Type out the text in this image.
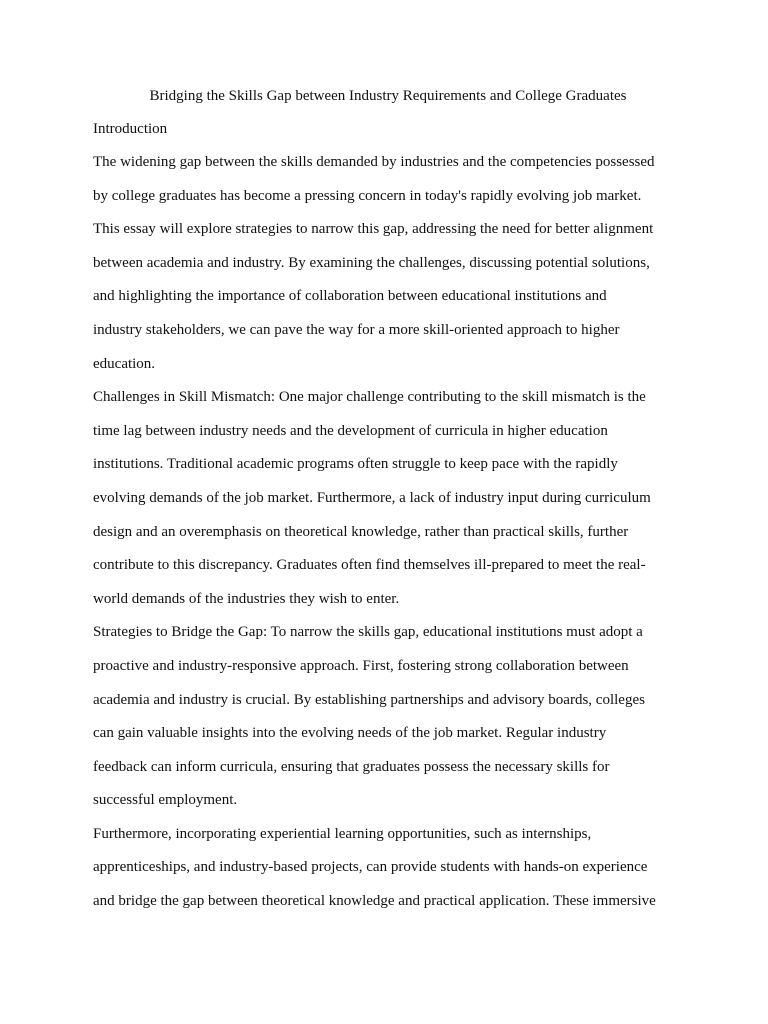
Bridging the Skills Gap between Industry Requirements and College Graduates

Introduction

The widening gap between the skills demanded by industries and the competencies possessed
by college graduates has become a pressing concern in today's rapidly evolving job market.
This essay will explore strategies to narrow this gap, addressing the need for better alignment
between academia and industry. By examining the challenges, discussing potential solutions,
and highlighting the importance of collaboration between educational institutions and
industry stakeholders, we can pave the way for a more skill-oriented approach to higher
education.

Challenges in Skill Mismatch: One major challenge contributing to the skill mismatch is the
time lag between industry needs and the development of curricula in higher education
institutions. Traditional academic programs often struggle to keep pace with the rapidly
evolving demands of the job market. Furthermore, a lack of industry input during curriculum
design and an overemphasis on theoretical knowledge, rather than practical skills, further
contribute to this discrepancy. Graduates often find themselves ill-prepared to meet the real-
world demands of the industries they wish to enter.

Strategies to Bridge the Gap: To narrow the skills gap, educational institutions must adopt a
proactive and industry-responsive approach. First, fostering strong collaboration between
academia and industry is crucial. By establishing partnerships and advisory boards, colleges
can gain valuable insights into the evolving needs of the job market. Regular industry
feedback can inform curricula, ensuring that graduates possess the necessary skills for
successful employment.

Furthermore, incorporating experiential learning opportunities, such as internships,
apprenticeships, and industry-based projects, can provide students with hands-on experience
and bridge the gap between theoretical knowledge and practical application. These immersive
